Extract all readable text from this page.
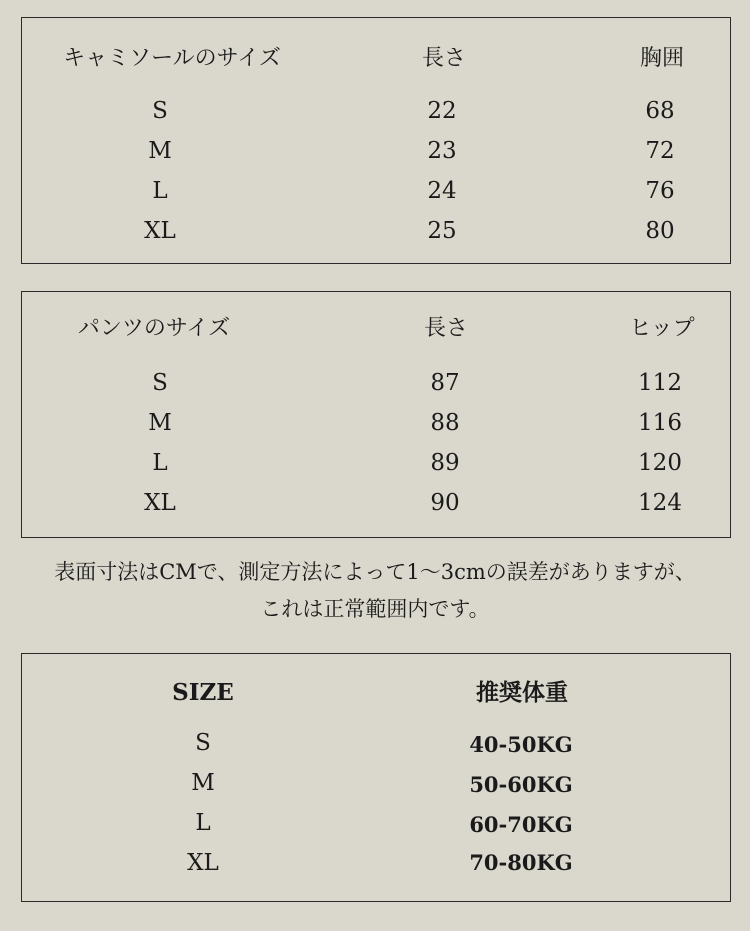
キャミソールのサイズ	長さ	胸囲
S	22	68
M	23	72
L	24	76
XL	25	80
パンツのサイズ	長さ	ヒップ
S	87	112
M	88	116
L	89	120
XL	90	124
表面寸法はCMで、測定方法によって1～3cmの誤差がありますが、
これは正常範囲内です。
SIZE	推奨体重
S	40-50KG
M	50-60KG
L	60-70KG
XL	70-80KG
